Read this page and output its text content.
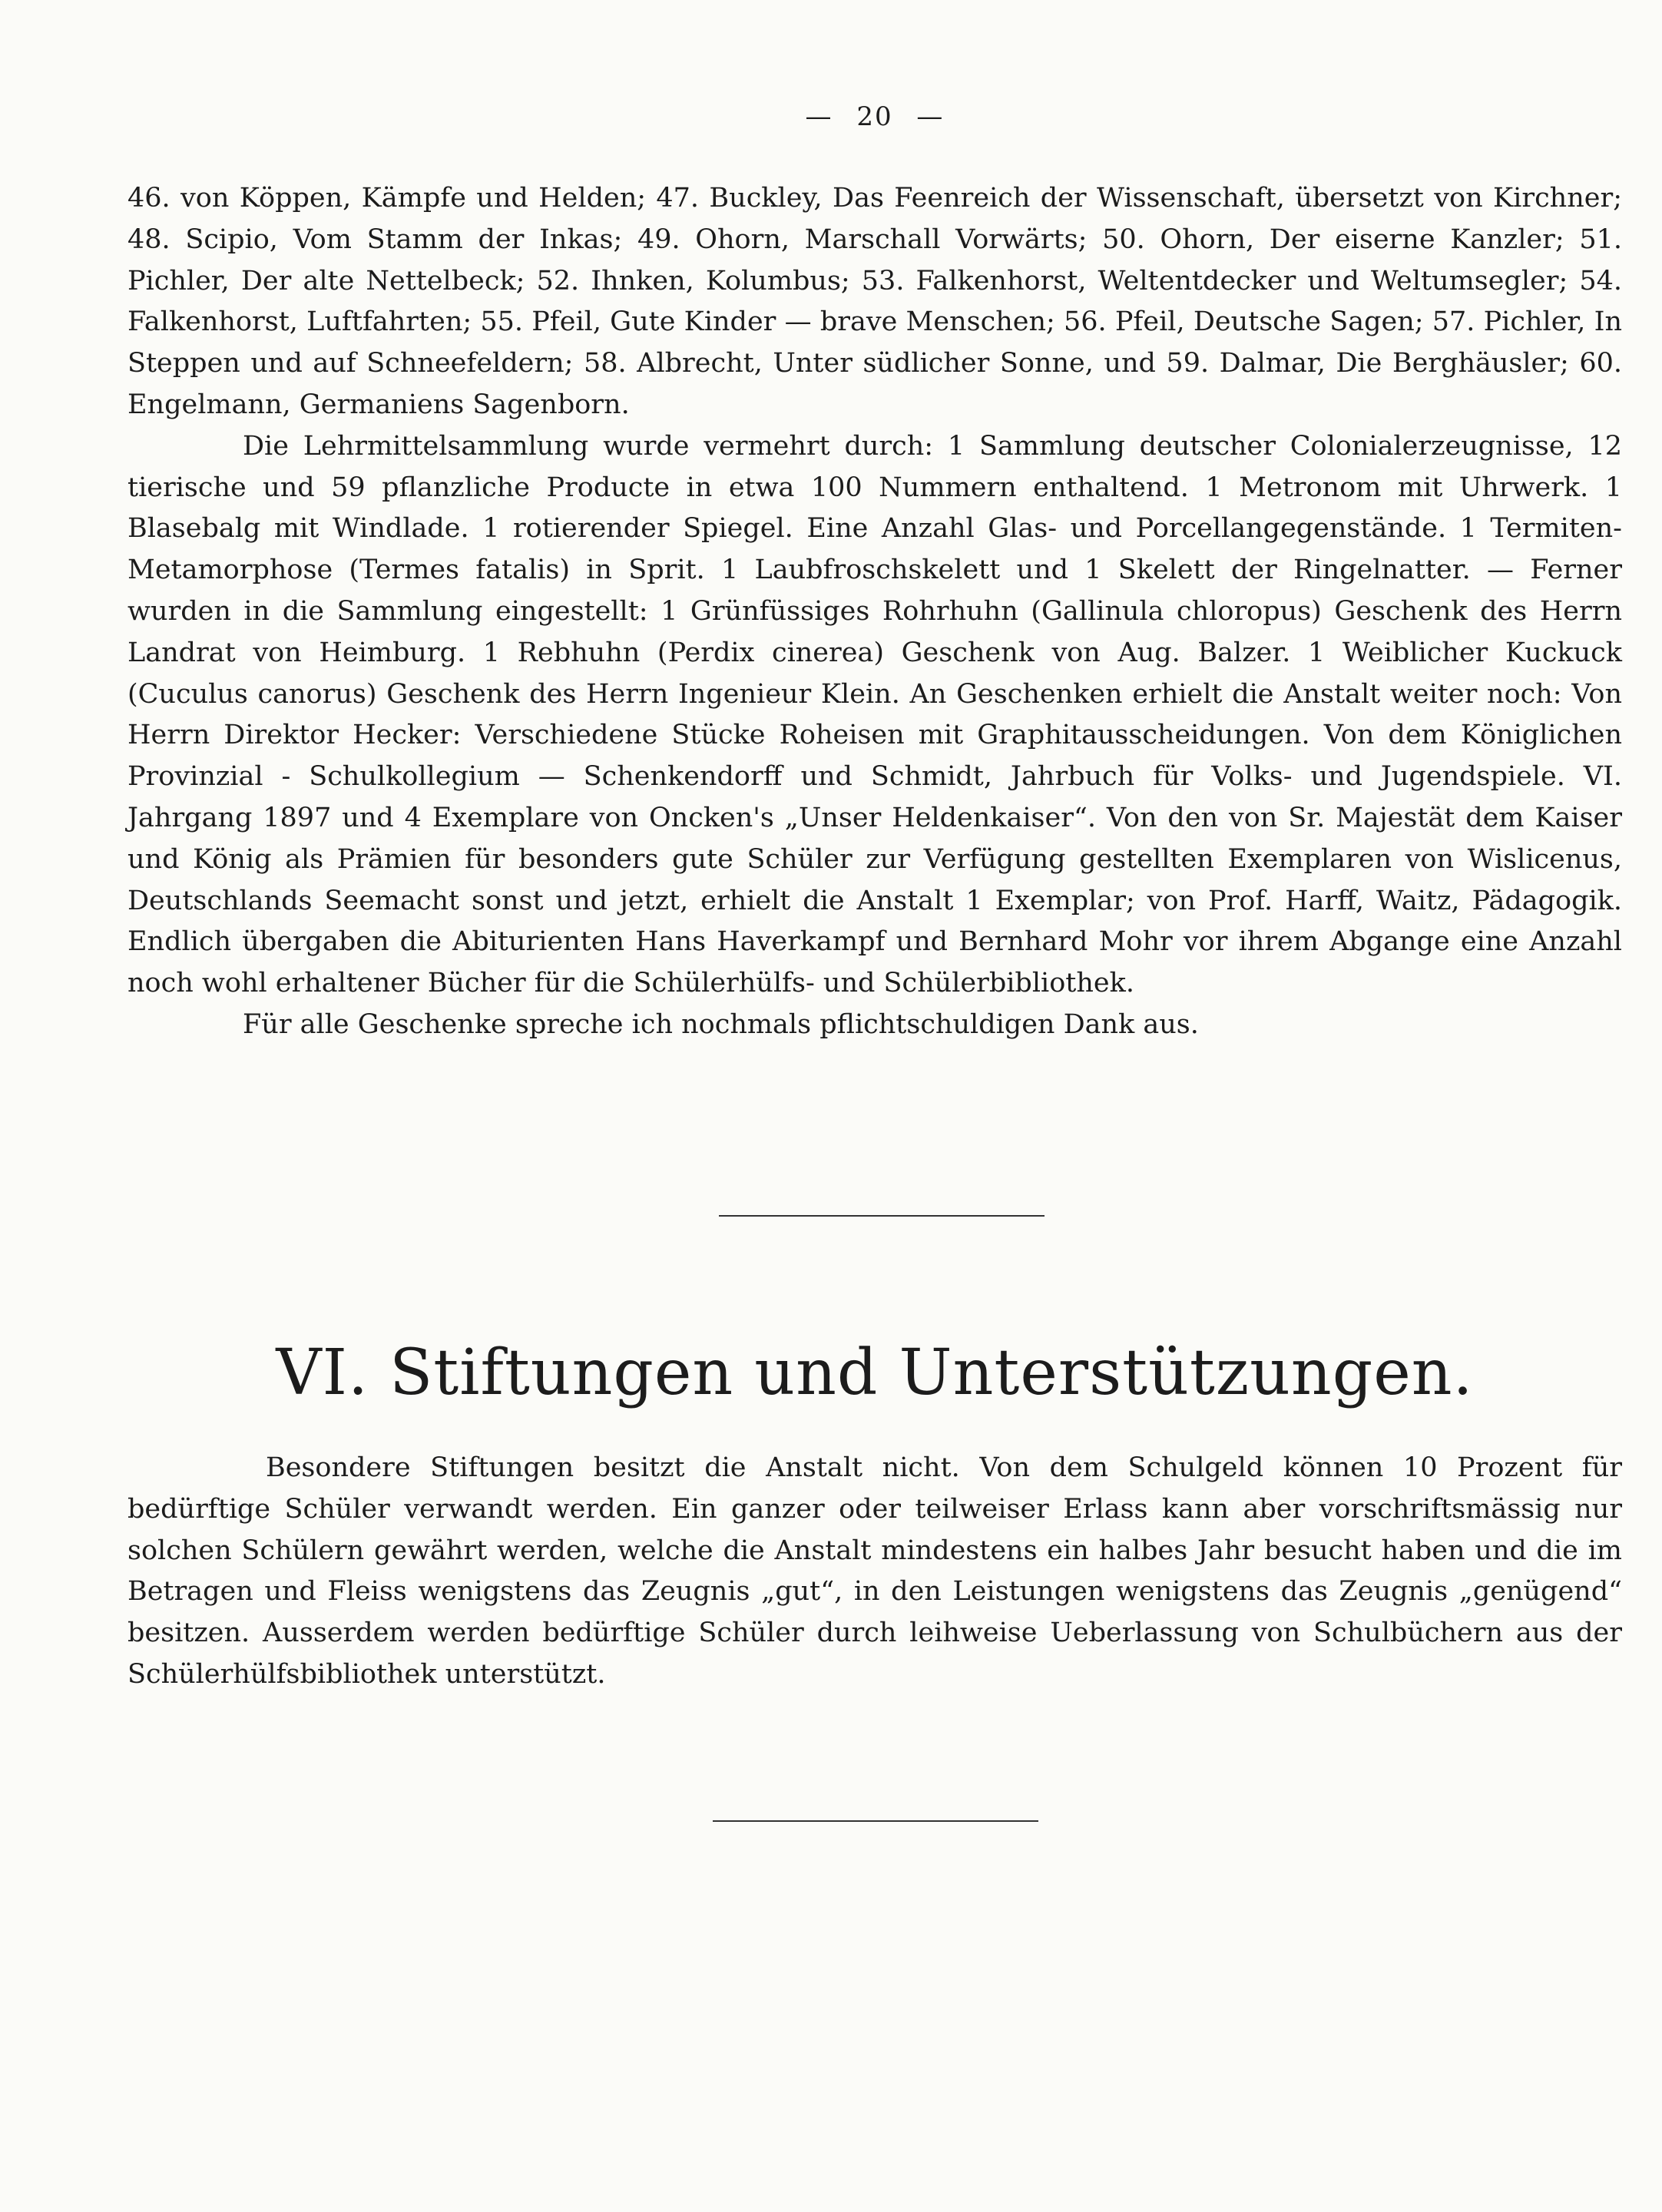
— 20 —

46. von Köppen, Kämpfe und Helden; 47. Buckley, Das Feenreich der Wissenschaft, übersetzt von Kirchner; 48. Scipio, Vom Stamm der Inkas; 49. Ohorn, Marschall Vorwärts; 50. Ohorn, Der eiserne Kanzler; 51. Pichler, Der alte Nettelbeck; 52. Ihnken, Kolumbus; 53. Falkenhorst, Weltentdecker und Weltumsegler; 54. Falkenhorst, Luftfahrten; 55. Pfeil, Gute Kinder — brave Menschen; 56. Pfeil, Deutsche Sagen; 57. Pichler, In Steppen und auf Schneefeldern; 58. Albrecht, Unter südlicher Sonne, und 59. Dalmar, Die Berghäusler; 60. Engelmann, Germaniens Sagenborn.

Die Lehrmittelsammlung wurde vermehrt durch: 1 Sammlung deutscher Colonialerzeugnisse, 12 tierische und 59 pflanzliche Producte in etwa 100 Nummern enthaltend. 1 Metronom mit Uhrwerk. 1 Blasebalg mit Windlade. 1 rotierender Spiegel. Eine Anzahl Glas- und Porcellangegenstände. 1 Termiten-Metamorphose (Termes fatalis) in Sprit. 1 Laubfroschskelett und 1 Skelett der Ringelnatter. — Ferner wurden in die Sammlung eingestellt: 1 Grünfüssiges Rohrhuhn (Gallinula chloropus) Geschenk des Herrn Landrat von Heimburg. 1 Rebhuhn (Perdix cinerea) Geschenk von Aug. Balzer. 1 Weiblicher Kuckuck (Cuculus canorus) Geschenk des Herrn Ingenieur Klein. An Geschenken erhielt die Anstalt weiter noch: Von Herrn Direktor Hecker: Verschiedene Stücke Roheisen mit Graphitausscheidungen. Von dem Königlichen Provinzial - Schulkollegium — Schenkendorff und Schmidt, Jahrbuch für Volks- und Jugendspiele. VI. Jahrgang 1897 und 4 Exemplare von Oncken's „Unser Heldenkaiser“. Von den von Sr. Majestät dem Kaiser und König als Prämien für besonders gute Schüler zur Verfügung gestellten Exemplaren von Wislicenus, Deutschlands Seemacht sonst und jetzt, erhielt die Anstalt 1 Exemplar; von Prof. Harff, Waitz, Pädagogik. Endlich übergaben die Abiturienten Hans Haverkampf und Bernhard Mohr vor ihrem Abgange eine Anzahl noch wohl erhaltener Bücher für die Schülerhülfs- und Schülerbibliothek.

Für alle Geschenke spreche ich nochmals pflichtschuldigen Dank aus.

VI. Stiftungen und Unterstützungen.

Besondere Stiftungen besitzt die Anstalt nicht. Von dem Schulgeld können 10 Prozent für bedürftige Schüler verwandt werden. Ein ganzer oder teilweiser Erlass kann aber vorschriftsmässig nur solchen Schülern gewährt werden, welche die Anstalt mindestens ein halbes Jahr besucht haben und die im Betragen und Fleiss wenigstens das Zeugnis „gut“, in den Leistungen wenigstens das Zeugnis „genügend“ besitzen. Ausserdem werden bedürftige Schüler durch leihweise Ueberlassung von Schulbüchern aus der Schülerhülfsbibliothek unterstützt.
